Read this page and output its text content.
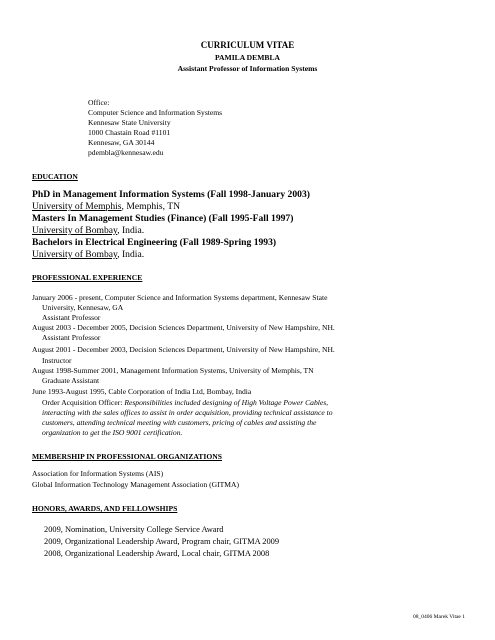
CURRICULUM VITAE
PAMILA DEMBLA
Assistant Professor of Information Systems
Office:
Computer Science and Information Systems
Kennesaw State University
1000 Chastain Road #1101
Kennesaw, GA 30144
pdembla@kennesaw.edu
EDUCATION
PhD in Management Information Systems (Fall 1998-January 2003)
University of Memphis, Memphis, TN
Masters In Management Studies (Finance) (Fall 1995-Fall 1997)
University of Bombay, India.
Bachelors in Electrical Engineering (Fall 1989-Spring 1993)
University of Bombay, India.
PROFESSIONAL EXPERIENCE
January 2006 - present, Computer Science and Information Systems department, Kennesaw State
University, Kennesaw, GA
Assistant Professor
August 2003 - December 2005, Decision Sciences Department, University of New Hampshire, NH.
Assistant Professor
August 2001 - December 2003, Decision Sciences Department, University of New Hampshire, NH.
Instructor
August 1998-Summer 2001, Management Information Systems, University of Memphis, TN
Graduate Assistant
June 1993-August 1995, Cable Corporation of India Ltd, Bombay, India
Order Acquisition Officer: Responsibilities included designing of High Voltage Power Cables,
interacting with the sales offices to assist in order acquisition, providing technical assistance to
customers, attending technical meeting with customers, pricing of cables and assisting the
organization to get the ISO 9001 certification.
MEMBERSHIP IN PROFESSIONAL ORGANIZATIONS
Association for Information Systems (AIS)
Global Information Technology Management Association (GITMA)
HONORS, AWARDS, AND FELLOWSHIPS
2009, Nomination, University College Service Award
2009, Organizational Leadership Award, Program chair, GITMA 2009
2008, Organizational Leadership Award, Local chair, GITMA 2008
08_0406 Marek Vitae 1
